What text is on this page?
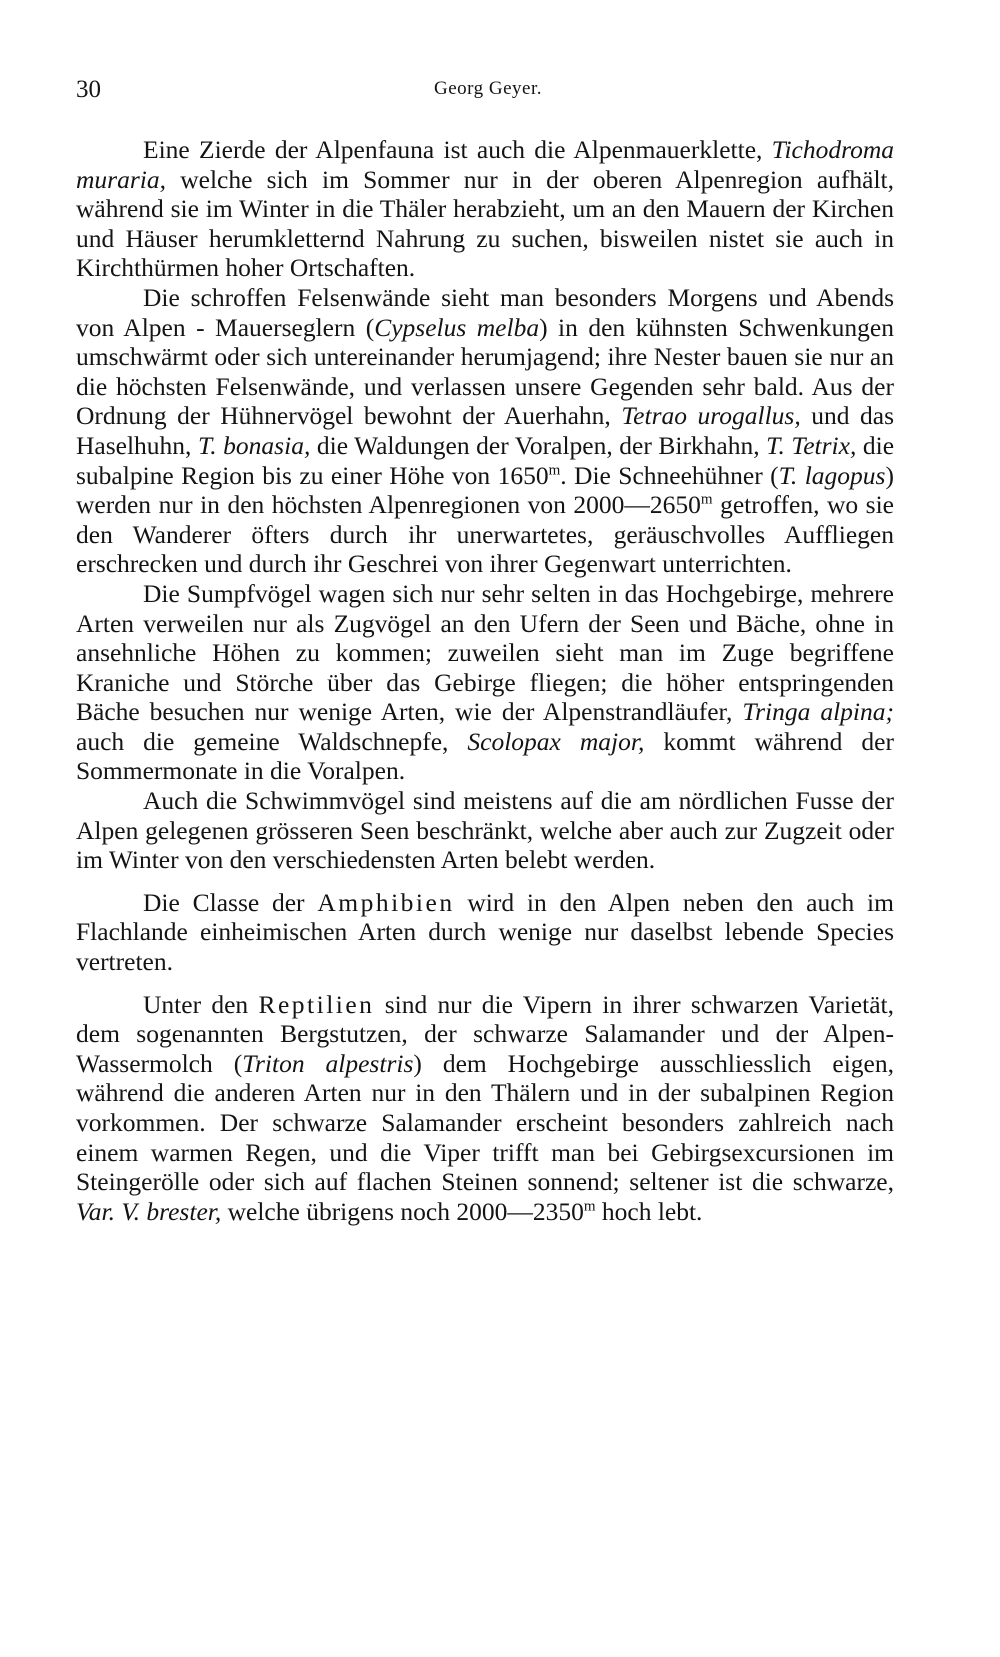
30	Georg Geyer.

Eine Zierde der Alpenfauna ist auch die Alpenmauerklette, Tichodroma muraria, welche sich im Sommer nur in der oberen Alpenregion aufhält, während sie im Winter in die Thäler herabzieht, um an den Mauern der Kirchen und Häuser herumkletternd Nahrung zu suchen, bisweilen nistet sie auch in Kirchthürmen hoher Ortschaften.

Die schroffen Felsenwände sieht man besonders Morgens und Abends von Alpen - Mauerseglern (Cypselus melba) in den kühnsten Schwenkungen umschwärmt oder sich untereinander herumjagend; ihre Nester bauen sie nur an die höchsten Felsenwände, und verlassen unsere Gegenden sehr bald. Aus der Ordnung der Hühnervögel bewohnt der Auerhahn, Tetrao urogallus, und das Haselhuhn, T. bonasia, die Waldungen der Voralpen, der Birkhahn, T. Tetrix, die subalpine Region bis zu einer Höhe von 1650$^m$. Die Schneehühner (T. lagopus) werden nur in den höchsten Alpenregionen von 2000—2650$^m$ getroffen, wo sie den Wanderer öfters durch ihr unerwartetes, geräuschvolles Auffliegen erschrecken und durch ihr Geschrei von ihrer Gegenwart unterrichten.

Die Sumpfvögel wagen sich nur sehr selten in das Hochgebirge, mehrere Arten verweilen nur als Zugvögel an den Ufern der Seen und Bäche, ohne in ansehnliche Höhen zu kommen; zuweilen sieht man im Zuge begriffene Kraniche und Störche über das Gebirge fliegen; die höher entspringenden Bäche besuchen nur wenige Arten, wie der Alpenstrandläufer, Tringa alpina; auch die gemeine Waldschnepfe, Scolopax major, kommt während der Sommermonate in die Voralpen.

Auch die Schwimmvögel sind meistens auf die am nördlichen Fusse der Alpen gelegenen grösseren Seen beschränkt, welche aber auch zur Zugzeit oder im Winter von den verschiedensten Arten belebt werden.

Die Classe der Amphibien wird in den Alpen neben den auch im Flachlande einheimischen Arten durch wenige nur daselbst lebende Species vertreten.

Unter den Reptilien sind nur die Vipern in ihrer schwarzen Varietät, dem sogenannten Bergstutzen, der schwarze Salamander und der Alpen-Wassermolch (Triton alpestris) dem Hochgebirge ausschliesslich eigen, während die anderen Arten nur in den Thälern und in der subalpinen Region vorkommen. Der schwarze Salamander erscheint besonders zahlreich nach einem warmen Regen, und die Viper trifft man bei Gebirgsexcursionen im Steingerölle oder sich auf flachen Steinen sonnend; seltener ist die schwarze, Var. V. brester, welche übrigens noch 2000—2350$^m$ hoch lebt.
